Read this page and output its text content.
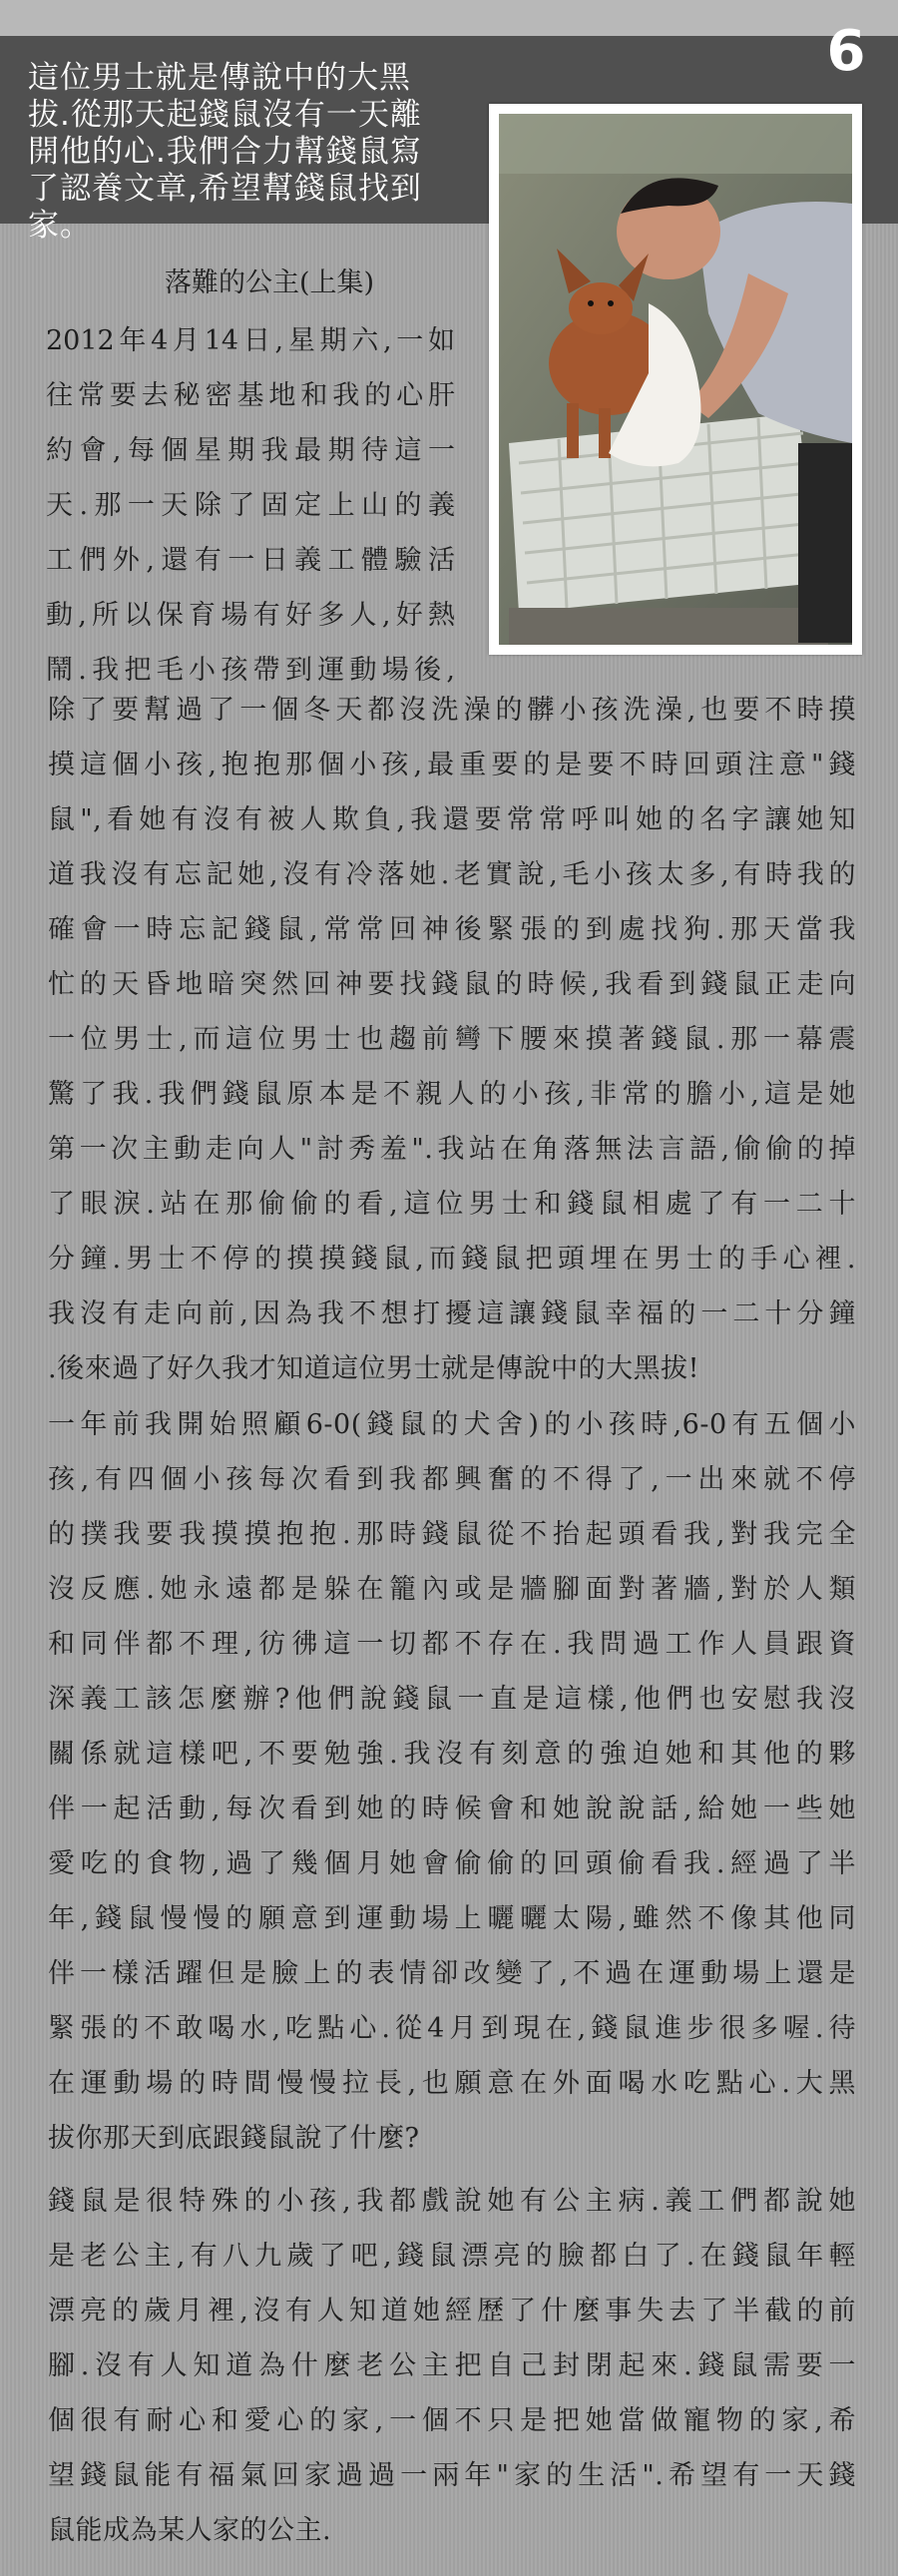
6
這位男士就是傳說中的大黑
拔.從那天起錢鼠沒有一天離
開他的心.我們合力幫錢鼠寫
了認養文章,希望幫錢鼠找到
家。
落難的公主(上集)
2012年4月14日,星期六,一如
往常要去秘密基地和我的心肝
約會,每個星期我最期待這一
天.那一天除了固定上山的義
工們外,還有一日義工體驗活
動,所以保育場有好多人,好熱
鬧.我把毛小孩帶到運動場後,
除了要幫過了一個冬天都沒洗澡的髒小孩洗澡,也要不時摸
摸這個小孩,抱抱那個小孩,最重要的是要不時回頭注意"錢
鼠",看她有沒有被人欺負,我還要常常呼叫她的名字讓她知
道我沒有忘記她,沒有冷落她.老實說,毛小孩太多,有時我的
確會一時忘記錢鼠,常常回神後緊張的到處找狗.那天當我
忙的天昏地暗突然回神要找錢鼠的時候,我看到錢鼠正走向
一位男士,而這位男士也趨前彎下腰來摸著錢鼠.那一幕震
驚了我.我們錢鼠原本是不親人的小孩,非常的膽小,這是她
第一次主動走向人"討秀羞".我站在角落無法言語,偷偷的掉
了眼淚.站在那偷偷的看,這位男士和錢鼠相處了有一二十
分鐘.男士不停的摸摸錢鼠,而錢鼠把頭埋在男士的手心裡.
我沒有走向前,因為我不想打擾這讓錢鼠幸福的一二十分鐘
.後來過了好久我才知道這位男士就是傳說中的大黑拔!
一年前我開始照顧6-0(錢鼠的犬舍)的小孩時,6-0有五個小
孩,有四個小孩每次看到我都興奮的不得了,一出來就不停
的撲我要我摸摸抱抱.那時錢鼠從不抬起頭看我,對我完全
沒反應.她永遠都是躲在籠內或是牆腳面對著牆,對於人類
和同伴都不理,彷彿這一切都不存在.我問過工作人員跟資
深義工該怎麼辦?他們說錢鼠一直是這樣,他們也安慰我沒
關係就這樣吧,不要勉強.我沒有刻意的強迫她和其他的夥
伴一起活動,每次看到她的時候會和她說說話,給她一些她
愛吃的食物,過了幾個月她會偷偷的回頭偷看我.經過了半
年,錢鼠慢慢的願意到運動場上曬曬太陽,雖然不像其他同
伴一樣活躍但是臉上的表情卻改變了,不過在運動場上還是
緊張的不敢喝水,吃點心.從4月到現在,錢鼠進步很多喔.待
在運動場的時間慢慢拉長,也願意在外面喝水吃點心.大黑
拔你那天到底跟錢鼠說了什麼?
錢鼠是很特殊的小孩,我都戲說她有公主病.義工們都說她
是老公主,有八九歲了吧,錢鼠漂亮的臉都白了.在錢鼠年輕
漂亮的歲月裡,沒有人知道她經歷了什麼事失去了半截的前
腳.沒有人知道為什麼老公主把自己封閉起來.錢鼠需要一
個很有耐心和愛心的家,一個不只是把她當做寵物的家,希
望錢鼠能有福氣回家過過一兩年"家的生活".希望有一天錢
鼠能成為某人家的公主.
